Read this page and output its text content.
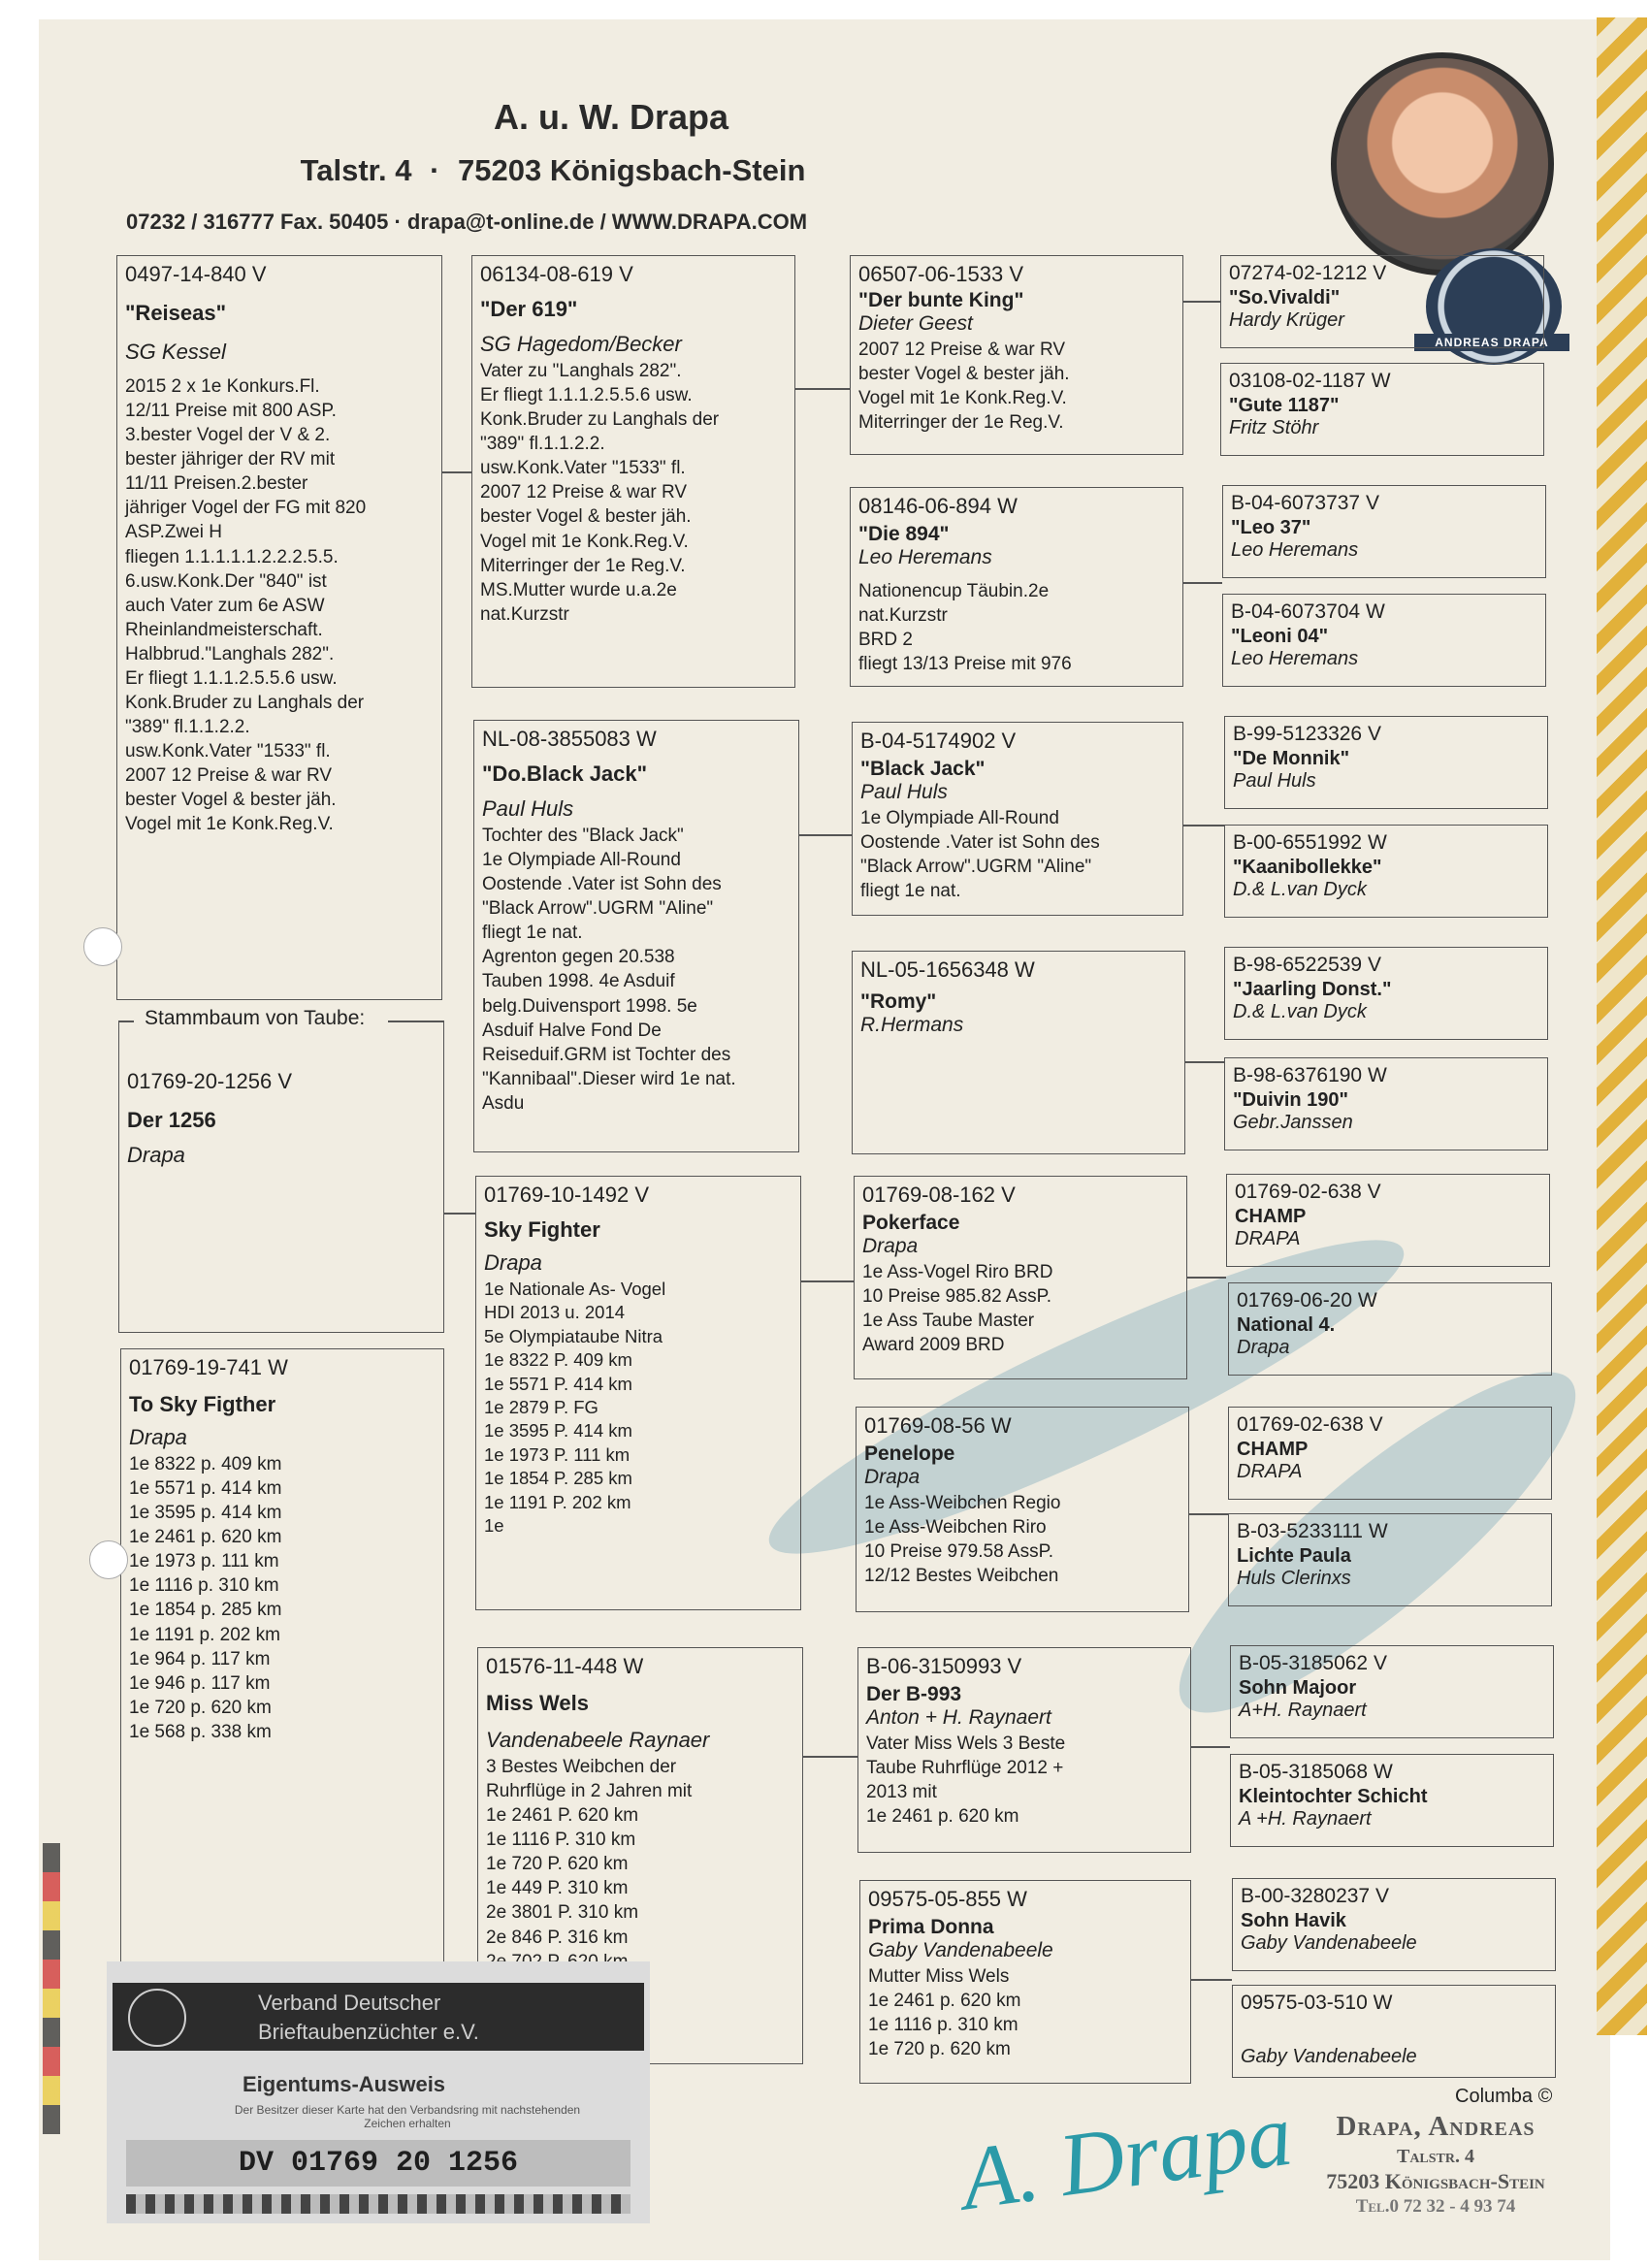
A. u. W. Drapa
Talstr. 4 · 75203 Königsbach-Stein
07232 / 316777 Fax. 50405 · drapa@t-online.de / WWW.DRAPA.COM
ANDREAS DRAPA
0497-14-840 V
"Reiseas"
SG Kessel
2015 2 x 1e Konkurs.Fl.
12/11 Preise mit 800 ASP.
3.bester Vogel der V & 2.
bester jähriger der RV mit
11/11 Preisen.2.bester
jähriger Vogel der FG mit 820
ASP.Zwei H
fliegen 1.1.1.1.1.2.2.2.5.5.
6.usw.Konk.Der "840" ist
auch Vater zum 6e ASW
Rheinlandmeisterschaft.
Halbbrud."Langhals 282".
Er fliegt 1.1.1.2.5.5.6 usw.
Konk.Bruder zu Langhals der
"389" fl.1.1.2.2.
usw.Konk.Vater "1533" fl.
2007 12 Preise & war RV
bester Vogel & bester jäh.
Vogel mit 1e Konk.Reg.V.
Stammbaum von Taube:
01769-20-1256 V
Der 1256
Drapa
01769-19-741 W
To Sky Figther
Drapa
1e 8322 p. 409 km
1e 5571 p. 414 km
1e 3595 p. 414 km
1e 2461 p. 620 km
1e 1973 p. 111 km
1e 1116 p. 310 km
1e 1854 p. 285 km
1e 1191 p. 202 km
1e 964 p. 117 km
1e 946 p. 117 km
1e 720 p. 620 km
1e 568 p. 338 km
06134-08-619 V
"Der 619"
SG Hagedom/Becker
Vater zu "Langhals 282".
Er fliegt 1.1.1.2.5.5.6 usw.
Konk.Bruder zu Langhals der
"389" fl.1.1.2.2.
usw.Konk.Vater "1533" fl.
2007 12 Preise & war RV
bester Vogel & bester jäh.
Vogel mit 1e Konk.Reg.V.
Miterringer der 1e Reg.V.
MS.Mutter wurde u.a.2e
nat.Kurzstr
NL-08-3855083 W
"Do.Black Jack"
Paul Huls
Tochter des "Black Jack"
1e Olympiade All-Round
Oostende .Vater ist Sohn des
"Black Arrow".UGRM "Aline"
fliegt 1e nat.
Agrenton gegen 20.538
Tauben 1998. 4e Asduif
belg.Duivensport 1998. 5e
Asduif Halve Fond De
Reiseduif.GRM ist Tochter des
"Kannibaal".Dieser wird 1e nat.
Asdu
01769-10-1492 V
Sky Fighter
Drapa
1e Nationale As- Vogel
HDI 2013 u. 2014
5e Olympiataube Nitra
1e 8322 P. 409 km
1e 5571 P. 414 km
1e 2879 P. FG
1e 3595 P. 414 km
1e 1973 P. 111 km
1e 1854 P. 285 km
1e 1191 P. 202 km
1e
01576-11-448 W
Miss Wels
Vandenabeele Raynaer
3 Bestes Weibchen der
Ruhrflüge in 2 Jahren mit
1e 2461 P. 620 km
1e 1116 P. 310 km
1e 720 P. 620 km
1e 449 P. 310 km
2e 3801 P. 310 km
2e 846 P. 316 km

06507-06-1533 V
"Der bunte King"
Dieter Geest
2007 12 Preise & war RV
bester Vogel & bester jäh.
Vogel mit 1e Konk.Reg.V.
Miterringer der 1e Reg.V.
08146-06-894 W
"Die 894"
Leo Heremans
Nationencup Täubin.2e
nat.Kurzstr
BRD 2
fliegt 13/13 Preise mit 976
B-04-5174902 V
"Black Jack"
Paul Huls
1e Olympiade All-Round
Oostende .Vater ist Sohn des
"Black Arrow".UGRM "Aline"
fliegt 1e nat.
NL-05-1656348 W
"Romy"
R.Hermans
01769-08-162 V
Pokerface
Drapa
1e Ass-Vogel Riro BRD
10 Preise 985.82 AssP.
1e Ass Taube Master
Award 2009 BRD
01769-08-56 W
Penelope
Drapa
1e Ass-Weibchen Regio
1e Ass-Weibchen Riro
10 Preise 979.58 AssP.
12/12 Bestes Weibchen
B-06-3150993 V
Der B-993
Anton + H. Raynaert
Vater Miss Wels 3 Beste
Taube Ruhrflüge 2012 +
2013 mit
1e 2461 p. 620 km
09575-05-855 W
Prima Donna
Gaby Vandenabeele
Mutter Miss Wels
1e 2461 p. 620 km
1e 1116 p. 310 km
1e 720 p. 620 km
07274-02-1212 V
"So.Vivaldi"
Hardy Krüger
03108-02-1187 W
"Gute 1187"
Fritz Stöhr
B-04-6073737 V
"Leo 37"
Leo Heremans
B-04-6073704 W
"Leoni 04"
Leo Heremans
B-99-5123326 V
"De Monnik"
Paul Huls
B-00-6551992 W
"Kaanibollekke"
D.& L.van Dyck
B-98-6522539 V
"Jaarling Donst."
D.& L.van Dyck
B-98-6376190 W
"Duivin 190"
Gebr.Janssen
01769-02-638 V
CHAMP
DRAPA
01769-06-20 W
National 4.
Drapa
01769-02-638 V
CHAMP
DRAPA
B-03-5233111 W
Lichte Paula
Huls Clerinxs
B-05-3185062 V
Sohn Majoor
A+H. Raynaert
B-05-3185068 W
Kleintochter Schicht
A +H. Raynaert
B-00-3280237 V
Sohn Havik
Gaby Vandenabeele
09575-03-510 W
Gaby Vandenabeele
Verband Deutscher
Brieftaubenzüchter e.V.
Eigentums-Ausweis
Der Besitzer dieser Karte hat den Verbandsring mit nachstehenden Zeichen erhalten
DV 01769 20 1256
Columba ©
Drapa, Andreas
Talstr. 4
75203 Königsbach-Stein
Tel.0 72 32 - 4 93 74
A. Drapa
